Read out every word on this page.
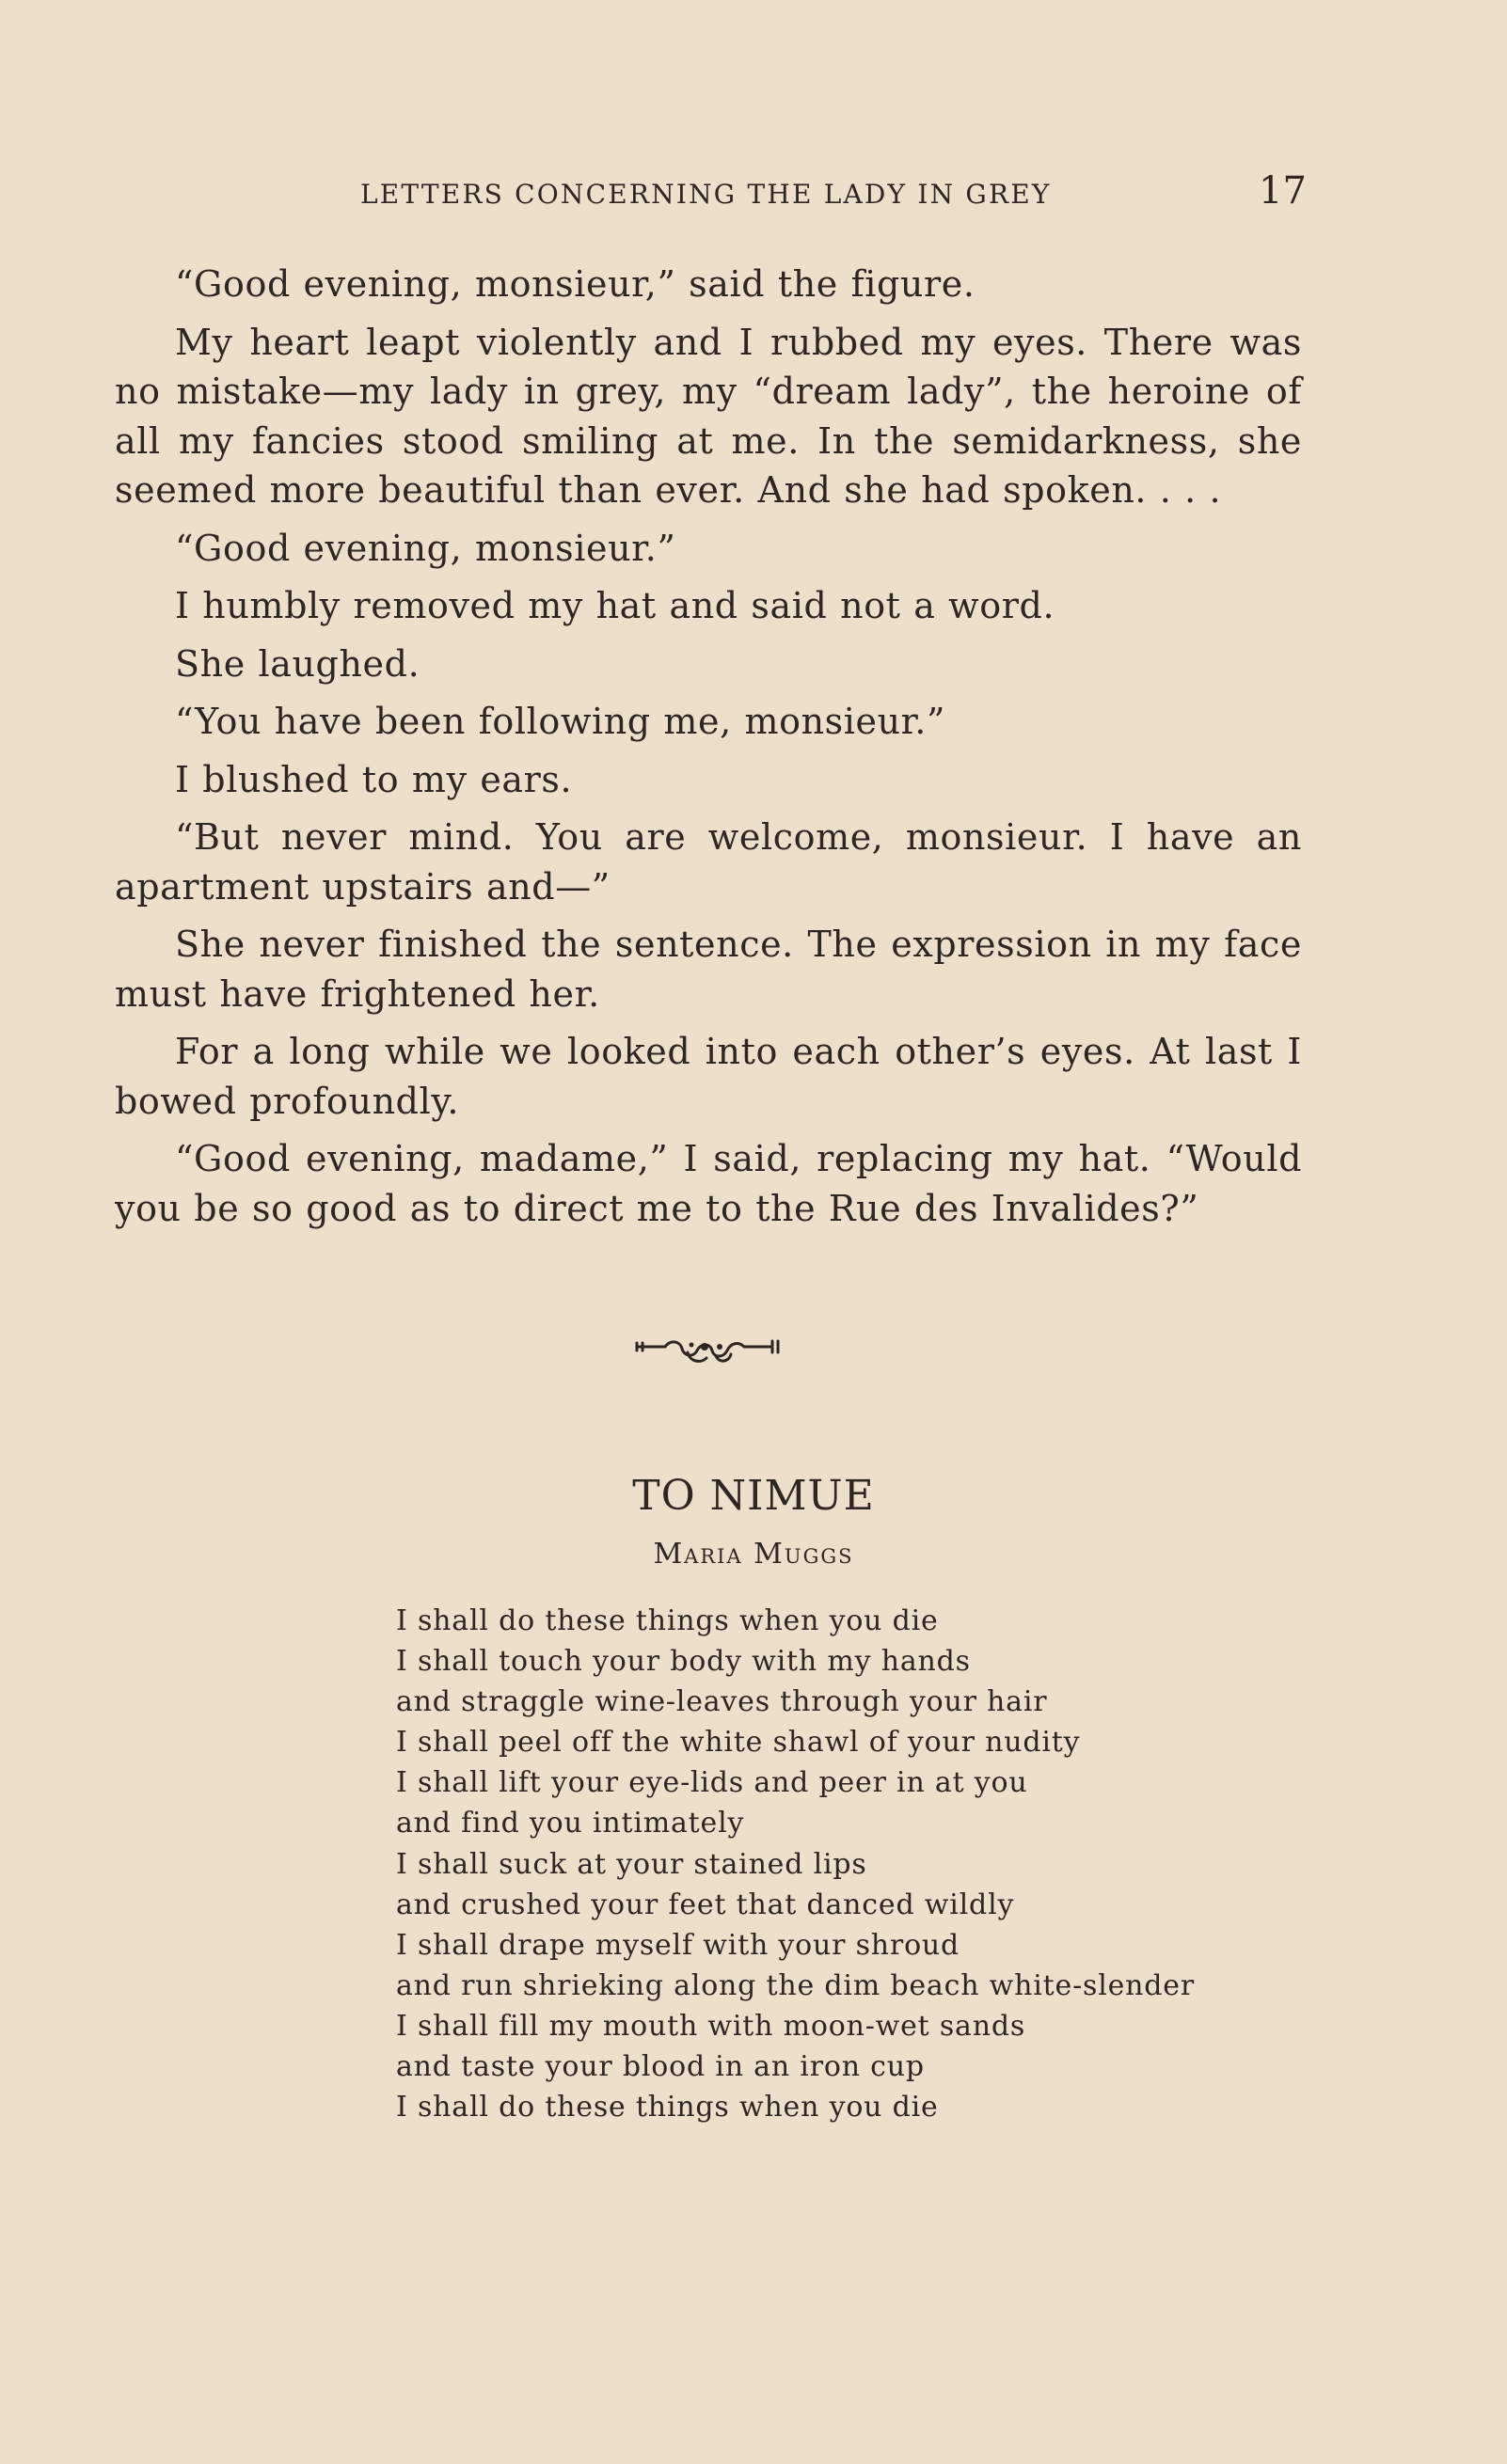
LETTERS CONCERNING THE LADY IN GREY	17

“Good evening, monsieur,” said the figure.

My heart leapt violently and I rubbed my eyes. There was no mistake—my lady in grey, my “dream lady”, the heroine of all my fancies stood smiling at me. In the semidarkness, she seemed more beautiful than ever. And she had spoken. . . .

“Good evening, monsieur.”

I humbly removed my hat and said not a word.

She laughed.

“You have been following me, monsieur.”

I blushed to my ears.

“But never mind. You are welcome, monsieur. I have an apartment upstairs and—”

She never finished the sentence. The expression in my face must have frightened her.

For a long while we looked into each other’s eyes. At last I bowed profoundly.

“Good evening, madame,” I said, replacing my hat. “Would you be so good as to direct me to the Rue des Invalides?”

TO NIMUE
Maria Muggs
I shall do these things when you die
I shall touch your body with my hands
and straggle wine-leaves through your hair
I shall peel off the white shawl of your nudity
I shall lift your eye-lids and peer in at you
and find you intimately
I shall suck at your stained lips
and crushed your feet that danced wildly
I shall drape myself with your shroud
and run shrieking along the dim beach white-slender
I shall fill my mouth with moon-wet sands
and taste your blood in an iron cup
I shall do these things when you die
